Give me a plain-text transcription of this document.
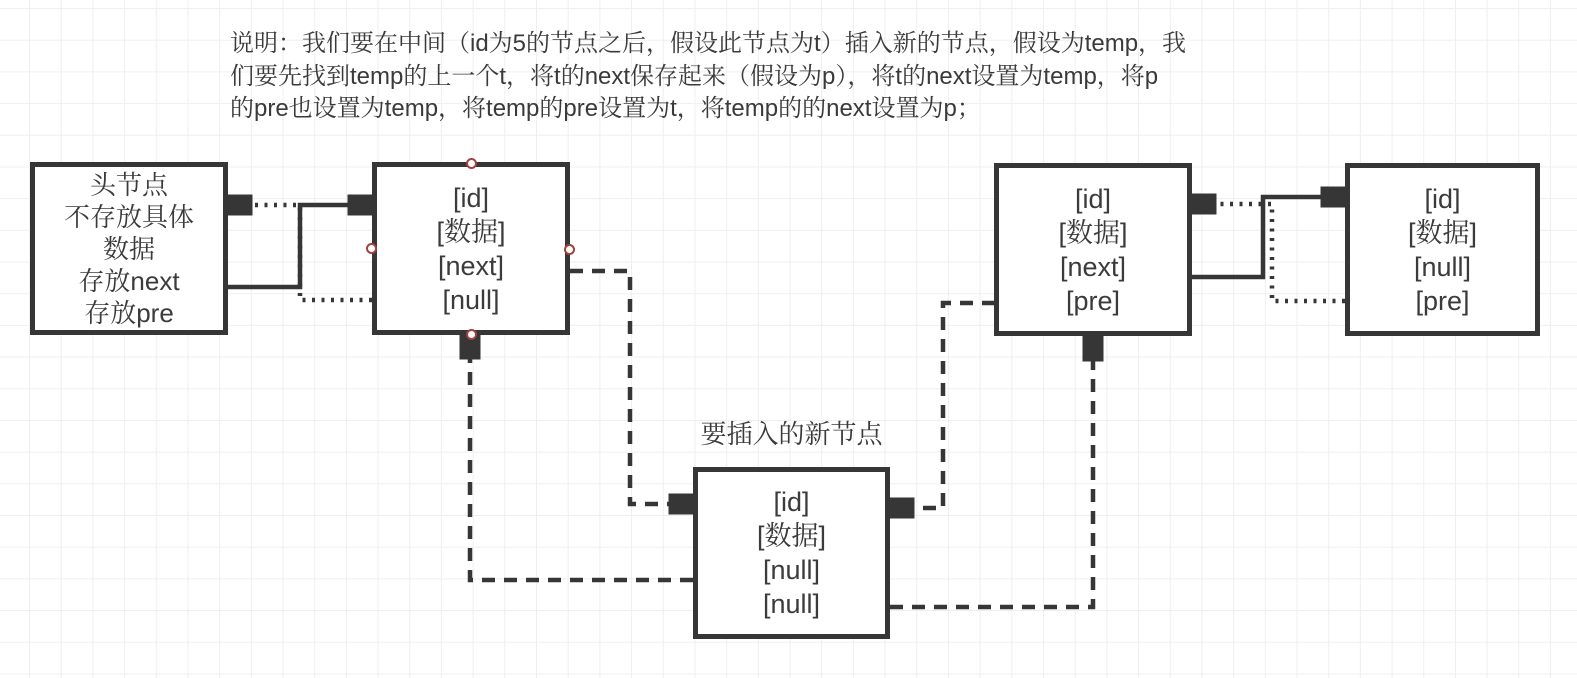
说明：我们要在中间（id为5的节点之后，假设此节点为t）插入新的节点，假设为temp，我
们要先找到temp的上一个t，将t的next保存起来（假设为p），将t的next设置为temp，将p
的pre也设置为temp，将temp的pre设置为t，将temp的的next设置为p；
头节点
不存放具体
数据
存放next
存放pre
[id]
[数据]
[next]
[null]
[id]
[数据]
[next]
[pre]
[id]
[数据]
[null]
[pre]
要插入的新节点
[id]
[数据]
[null]
[null]
